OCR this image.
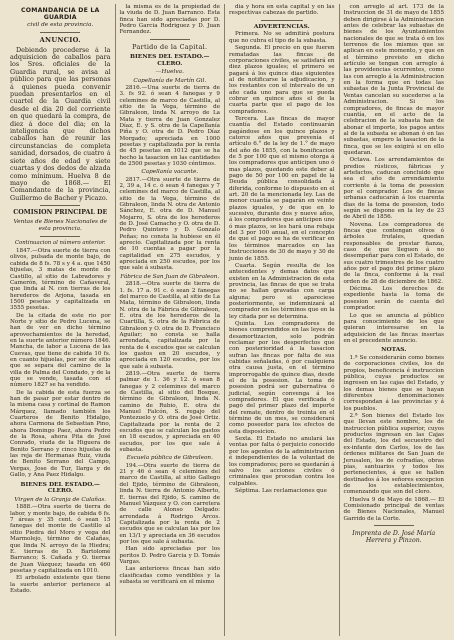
COMANDANCIA DE LA GUARDIA
civil de esta provincia.
ANUNCIO.

Debiendo procederse á la adquisicion de caballos para los Sres. oficiales de la Guardia rural, se avisa al público para que las personas á quienes pueda convenir puedan presentarlos en el cuartel de la Guardia civil desde el dia 20 del corriente en que quedará la compra, de diez á doce del dia; en la inteligencia que dichos caballos han de reunir las circunstancias de completa sanidad, dorsados, de cuatro á siete años de edad y siete cuartas y dos dedos de alzada como mínimum. Huelva 8 de mayo de 1868.— El Comandante de la provincia, Guillermo de Bacher y Picazo.

COMISION PRINCIPAL DE
Ventas de Bienes Nacionales de esta provincia.
Continuacion al número anterior.

1847.—Otra suerte de tierra con olivos, pulsada de monte bajo, de cabida de 8 fs. 78 s y 4 a. que 1450 hijuelas, 3 matas de monte de Castillo, al sitio de Labradores y Camerón, término de Cañaveral, que linda al N. con tierras de los herederos de Arjona, tasada en 1500 pesetas y capitalizada en 3555 pesetas.

De la citada de este rio por Norte y sitio de Pedro Lucena, se han de ver en dicho término aprovechamientos de la heredad, en la suerte anterior número 1846. Mancha, de labor a Lucena de las Cuevas, que tiene de cabida 10 fs. en cuanto hijuelas, por ser de sitio que se separa del camino de la villa de Palma del Condado, y de la que se vende, tasada con el número 1827 se ha vendido.

De la cabida de esta fuerza se han de pasar por estar dentro de la misma casa y cortinal de Ramon Márquez, llamado también los Cuarteros de Benito Hidalgo, ahora Carmona de Sebastian Pino, ahora Domingo Paez, ahora Pedro de la Rosa, ahora Pita de José Conrado, viuda de la Higuera de Benito Serrano y cinco hijuelas de las reja de Hermanas Ruiz, viuda de Benito Serrano del Campo, Vergas, Jose de Tur, Ilarga y de Gallo, y Ana Paez Hidalgo.

BIENES DEL ESTADO.—CLERO.
Virgen de la Granja de Calañas.

1888.—Otra suerte de tierra de labor, y monte bajo, de cabida 6 fs. 7 áreas y 35 cent. ó sean 15 fanegas del monte de Castillo al sitio Piedra del Moro y vega del Marmolejo, término de Calañas, que linda N. arroyo de la Hiedra; E. tierras de D. Bartolomé Barranco; S. Cañada y O. tierras de Juan Vázquez; tasada en 460 pesetas y capitalizada en 1010.

El arbolado existente que tiene la suerte anterior pertenece al Estado.

la misma es de la propiedad de la viuda de D. Juan Barranco. Esta finca han sido apreciadas por D. Pedro Garcia Rodriguez y D. Juan Fernandez.

Partido de la Capital.
BIENES DEL ESTADO.—CLERO.
—Huelva.
Capellanía de Martín Gil.

2816.—Una suerte de tierra de 3. fs 92. ó sean 4 fanegas y 9 celemines de marco de Castilla, al sitio de la Vega, término de Gibraleon, linda N. arroyo de La Mata y tierra de Juan Gonzalez Díaz, E. y S. otra de la Capellanía Piña y O. otra de D. Pedro Díaz Morgado; apreciada en 1000 pesetas y capitalizada por la renta de 45 pesetas en 1012 que se ha hecho la tasacion en las cantidades de 2500 pesetas y 1030 céntimos.

Capellanía vacante.

2817.—Otra suerte de tierra de 2, 39 a, 14 c. ó sean 4 fanegas y 7 celemines del marco de Castilla, al sitio de la Vega, término de Gibraleon, linda N. otra de Antonio Sánchez, E. otra de D. Manuel Mojarro, S. otra de los herederos de D. José Camacho y O. otra de D. Pedro Quintero y D. Gonzalo Peñas; no consta la hubiese en él aprecio. Capitalizada por la renta de 10 cuentas a pagar por la capitalidad en 275 escudos, y apreciada en 250 escudos, por los que sale á subasta.

Fábrica de San Juan de Gibraleon.

2818.—Otra suerte de tierra de 1. fs. 17 a. 91 c. ó sean 2 fanegas del marco de Castilla, al sitio de La Mata, término de Gibraleon, linda N. otra de la Fábrica de Gibraleon, E. otra de los herederos de la Cuartilla, S. otra de la Fábrica de Gibraleon y O. otra de D. Francisco Aguilar; no consta se halla arrendada, capitalizada por la renta de 4 escudos que se calculan los gastos en 20 escudos, y apreciada en 120 escudos, por los que sale á subasta.

2819.—Otra suerte de tierra palmar de 1. 36 y 12. ó sean 8 fanegas y 2 celemines del marco de Castilla, al sitio del Bosque, término de Gibraleon, linda N. camino de Rubio, E. otra de Manuel Falcón, S. regajo del Pontezuelo y O. otra de José Ortiz. Capitalizada por la renta de 2 escudos que se calculan los gastos en 18 escudos, y apreciada en 40 escudos, por los que sale á subasta.

Escuela pública de Gibraleon.

194.—Otra suerte de tierra de 21 y 46 ó sean 4 celemines del marco de Castilla, al sitio Gallego del Ejido, término de Gibraleon, linda N. tierra de Antonio Alberto, E. tierras del Ejido, S. camino de Manuel Vázquez y O. con carretera de calle Alonso Delgado: arrendada á Rodrigo Arcos. Capitalizada por la renta de 2 escudos que se calculan las por los en 13/1 y apreciada en 36 escudos por los que sale á subasta.

Han sido apreciadas por los peritos D. Pedro Garcia y D. Tomás Vargas.

Las anteriores fincas han sido clasificadas como vendibles y la subasta se verificará en el mismo

dia y hora en esta capital y en las respectivas cabezas de partido.

ADVERTENCIAS.

Primera. No se admitirá postura que no cubra el tipo de la subasta.

Segunda. El precio en que fueren rematadas las fincas de corporaciones civiles, se satisfará en diez plazos iguales; el primero se pagará á los quince dias siguientes al de notificarse la adjudicacion, y los restantes con el intervalo de un año cada uno para que se pueda cobrar en quince años el de la cuarta parte que el pago de los compradores.

Tercera. Las fincas de mayor cuantía del Estado continuarán pagándose en los quince plazos y catorce años que prevenía el artículo 6.° de la ley de 1.° de mayo del año de 1855, con la bonificacion de 5 por 100 que el mismo otorga á los compradores que anticipen uno ó mas plazos, quedando este deber al pago de 50 por 100 en papel de la Deuda pública consolidada á diferida, conforme lo dispuesto en el art. 20 de la mencionada ley. Las de menor cuantía se pagarán en veinte plazos iguales, y de que en lo sucesivo, durante dos y nueve años, á los compradores que anticipen uno ó mas plazos, se les hará una rebaja del 3 por 100 anual, en el concepto de que el pago se ha de verificar en los términos marcados en las Instrucciones de 30 de mayo y 30 de junio de 1855.

Cuarta. Según resulta de los antecedentes y demas datos que existen en la Administracion de esta provincia, las fincas de que se trata no se hallan gravadas con carga alguna; pero si apareciese posteriormente, se indemnizará al comprador en los términos que en la ley citada por se determina.

Quinta. Los compradores de bienes comprendidos en las leyes de desamortizacion, solo podrán reclamar por los desperfectos que con posterioridad á la tasacion sufran las fincas por falta de sus cabidas señaladas, ó por cualquiera otra causa justa, en el término improrrogable de quince dias, desde el de la posesion. La toma de posesion podrá ser gubernativa ó judicial, según convenga á los compradores. El que verificada ó pagó del primer plazo del importe del remate, dentro de treinta en el término de un mes, se considerará como poseedor para los efectos de esta disposicion.

Sexta. El Estado no anulará las ventas por falta ó perjuicio conocido por los agentes de la administracion é independientes de la voluntad de los compradores; pero se quedarán á salvo los acciones civiles ó criminales que procedan contra los culpables.

Séptima. Las reclamaciones que

con arreglo al art. 173 de la Instruccion de 31 de mayo de 1855 deben dirigirse á la Administracion antes de celebrar las subastas de bienes de los Ayuntamientos nacionales de que se trata ó en los terrenos de los mismos que se aplican en este momento, y que en el término previsto en dicho artículo se tengan con arreglo á las providencias ocurrentes, como las con arreglo á la Administracion en la forma que en todas las subastas de la Junta Provincial de Ventas cancelan su sucederse a la Administracion. Si los compradores, de fincas de mayor cuantía, en el acto de la celebracion de la subasta han de abonar el importe, los pagos antes al de la subasta se abonan ó en las subastas, empero la tasacion de la finca, que se les exigirá si en ello quedaran.

Octava. Los arrendamientos de predios rústicos, fábricas y artefactos, caducan concluido que sea el año de arrendamiento corriente á la toma de posesion por el comprador. Los de fincas urbanas caducarán á los cuarenta dias de la toma de posesion, todo según se dispone en la ley de 23 de Abril de 1856.

Novena. Los compradores de fincas que contengan olivos ó árboles frutales, quedan responsables de prestar fianza, caso de que lleguen á no desempeñar para con el Estado, de sus cuatro trimestres de los cuatro años por el pago del primer plazo de la finca, conforme á la real orden de 28 de diciembre de 1862.

Décima. Los derechos de expediente hasta la toma de posesion serán de cuenta del comprador.

Lo que se anuncia al público para conocimiento de los que quieran interesarse en la adquisicion de las fincas insertas en el precedente anuncio.

NOTAS.

1.ª Se considerarán como bienes de corporaciones civiles, los de propios, beneficencia é instruccion pública, cuyas productos se ingresen en las cajas del Estado, y los demas bienes que se hayan diferentes denominaciones correspondan á las provincias y á los pueblos.

2.ª Son bienes del Estado los que llevan este nombre, los de instruccion pública superior, cuyos productos ingresan en las Cajas del Estado, los del secuestro del ex-infante don Carlos, los de las órdenes militares de San Juan de Jerusalen, los de cofradías, obras pías, santuarios y todos los pertenecientes, á que se hallen destinados á los señores excepcion de los establecimientos, comenzando que son del clero.

Huelva 9 de Mayo de 1868.— El Comisionado principal de ventas de Bienes Nacionales, Manuel Garrido de la Corte.

Imprenta de D. José María Herrera y Pinzon.
